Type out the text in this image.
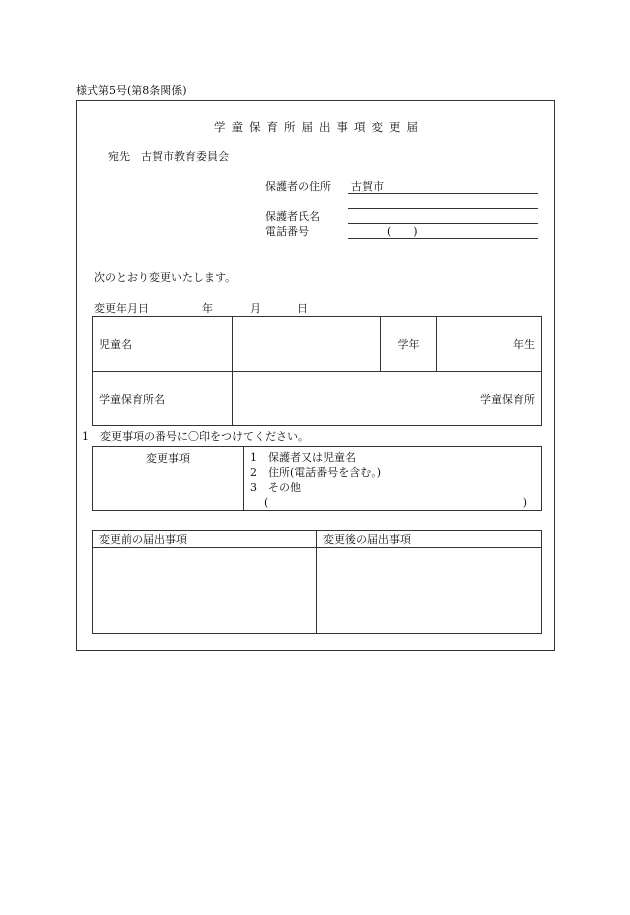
様式第5号(第8条関係)
学童保育所届出事項変更届
宛先　古賀市教育委員会
保護者の住所 古賀市
保護者氏名
電話番号	(　　)
次のとおり変更いたします。
変更年月日	年	月	日
児童名		学年	年生
学童保育所名	学童保育所		
1　変更事項の番号に〇印をつけてください。
変更事項	1　保護者又は児童名
2　住所(電話番号を含む。)
3　その他
(	)
変更前の届出事項	変更後の届出事項
